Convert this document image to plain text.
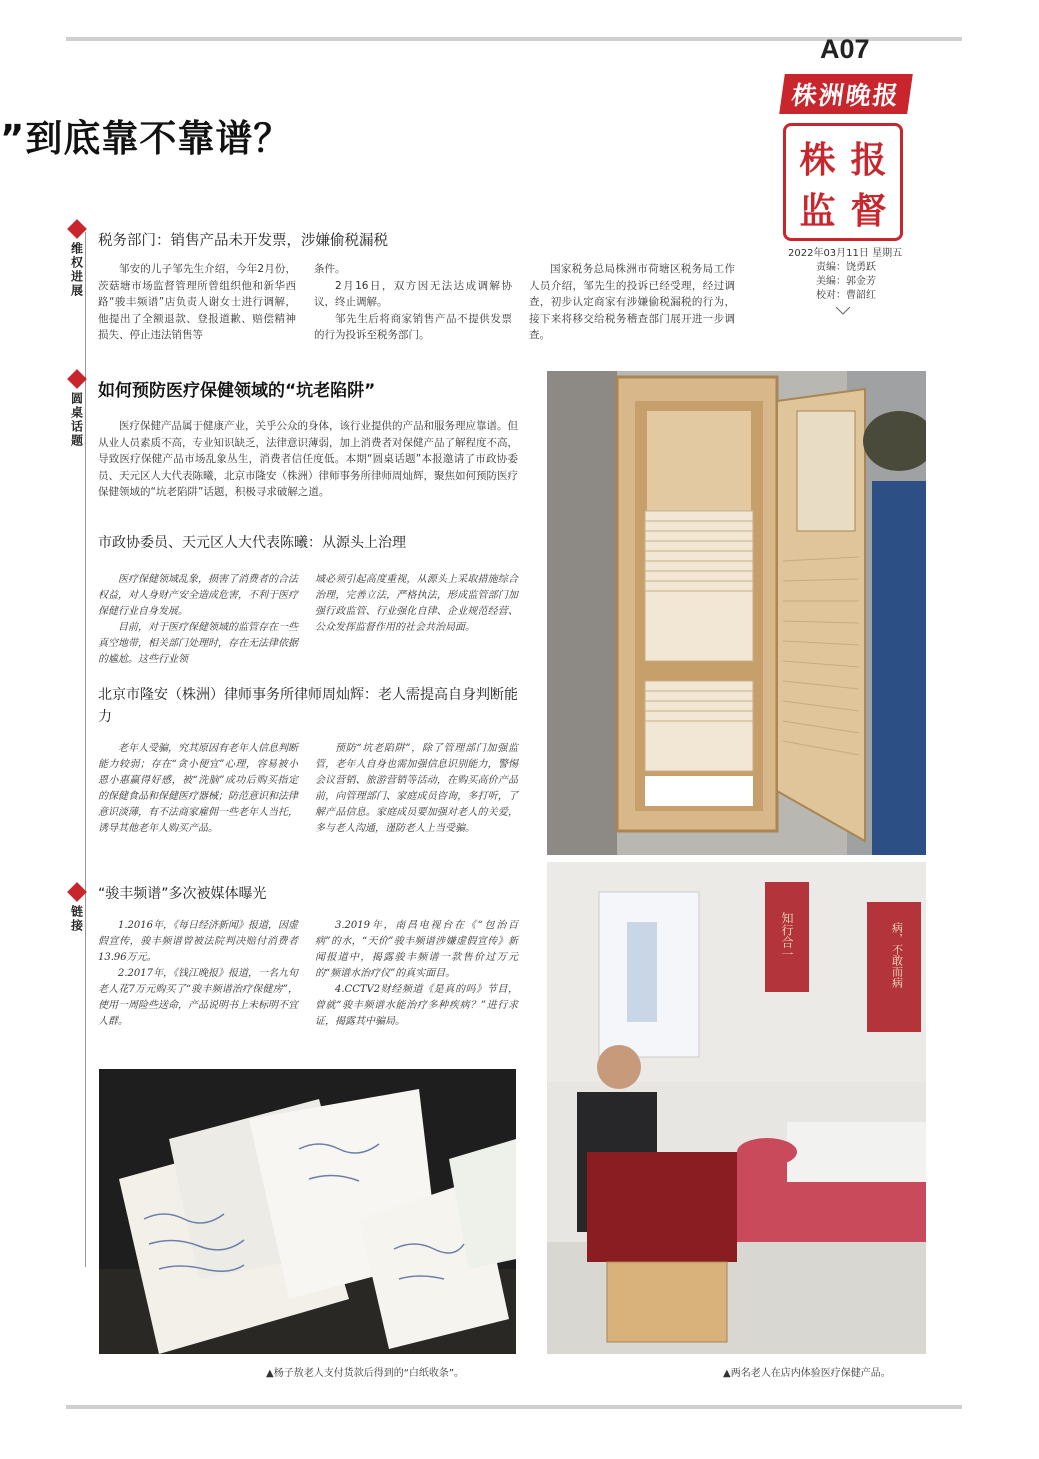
A07
株洲晚报
株 报
监 督
2022年03月11日 星期五
责编：饶勇跃
美编：郭金芳
校对：曹韶红
”到底靠不靠谱？
维权进展
税务部门：销售产品未开发票，涉嫌偷税漏税

邹安的儿子邹先生介绍，今年2月份，茨菇塘市场监督管理所曾组织他和新华西路“骏丰频谱”店负责人谢女士进行调解，他提出了全额退款、登报道歉、赔偿精神损失、停止违法销售等

条件。

2月16日，双方因无法达成调解协议，终止调解。

邹先生后将商家销售产品不提供发票的行为投诉至税务部门。

国家税务总局株洲市荷塘区税务局工作人员介绍，邹先生的投诉已经受理，经过调查，初步认定商家有涉嫌偷税漏税的行为，接下来将移交给税务稽查部门展开进一步调查。

圆桌话题
如何预防医疗保健领域的“坑老陷阱”

医疗保健产品属于健康产业，关乎公众的身体，该行业提供的产品和服务理应靠谱。但从业人员素质不高，专业知识缺乏，法律意识薄弱，加上消费者对保健产品了解程度不高，导致医疗保健产品市场乱象丛生，消费者信任度低。本期“圆桌话题”本报邀请了市政协委员、天元区人大代表陈曦，北京市隆安（株洲）律师事务所律师周灿辉，聚焦如何预防医疗保健领域的“坑老陷阱”话题，积极寻求破解之道。

市政协委员、天元区人大代表陈曦：从源头上治理

医疗保健领域乱象，损害了消费者的合法权益，对人身财产安全造成危害，不利于医疗保健行业自身发展。

目前，对于医疗保健领域的监管存在一些真空地带，相关部门处理时，存在无法律依据的尴尬。这些行业领

域必须引起高度重视，从源头上采取措施综合治理，完善立法，严格执法，形成监管部门加强行政监管、行业强化自律、企业规范经营、公众发挥监督作用的社会共治局面。

北京市隆安（株洲）律师事务所律师周灿辉：老人需提高自身判断能力

老年人受骗，究其原因有老年人信息判断能力较弱；存在“贪小便宜”心理，容易被小恩小惠赢得好感，被“洗脑”成功后购买指定的保健食品和保健医疗器械；防范意识和法律意识淡薄，有不法商家雇佣一些老年人当托，诱导其他老年人购买产品。

预防“坑老陷阱”，除了管理部门加强监管，老年人自身也需加强信息识别能力，警惕会议营销、旅游营销等活动，在购买高价产品前，向管理部门、家庭成员咨询，多打听，了解产品信息。家庭成员要加强对老人的关爱，多与老人沟通，谨防老人上当受骗。

链接
“骏丰频谱”多次被媒体曝光

1.2016年，《每日经济新闻》报道，因虚假宣传，骏丰频谱曾被法院判决赔付消费者13.96万元。

2.2017年，《钱江晚报》报道，一名九旬老人花7万元购买了“骏丰频谱治疗保健房”，使用一周险些送命，产品说明书上未标明不宜人群。

3.2019年，南昌电视台在《“包治百病”的水，“天价”骏丰频谱涉嫌虚假宣传》新闻报道中，揭露骏丰频谱一款售价过万元的“频谱水治疗仪”的真实面目。

4.CCTV2财经频道《是真的吗》节目，曾就“骏丰频谱水能治疗多种疾病？”进行求证，揭露其中骗局。

▲杨子敖老人支付货款后得到的“白纸收条”。
知行合一	病，不敢而病
▲两名老人在店内体验医疗保健产品。
